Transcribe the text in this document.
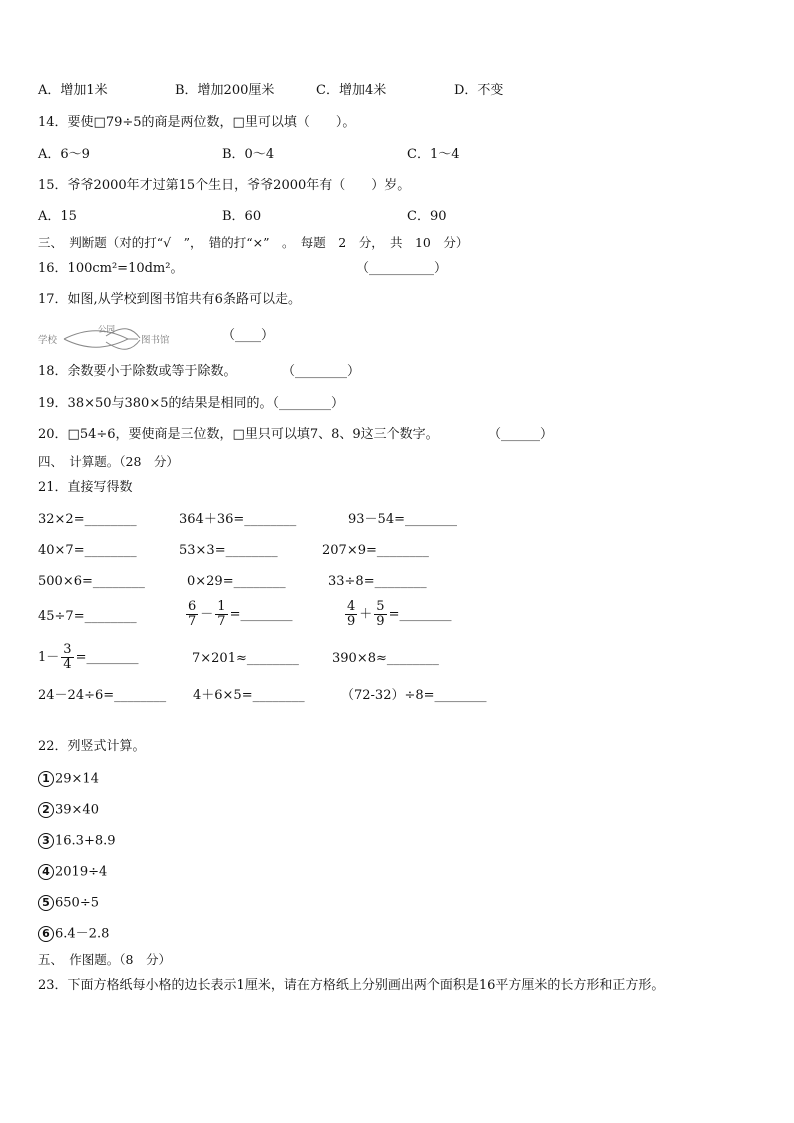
A．增加1米	B．增加200厘米	C．增加4米	D．不变
14．要使□79÷5的商是两位数，□里可以填（　　）。
A．6～9	B．0～4	C．1～4
15．爷爷2000年才过第15个生日，爷爷2000年有（　　）岁。
A．15	B．60	C．90
三、　判断题（对的打“√　”，　错的打“×”　。　每题　2　分，　共　10　分）
16．100cm²=10dm²。	（__________）
17．如图,从学校到图书馆共有6条路可以走。
学校
公园
图书馆	（____）
18．余数要小于除数或等于除数。	（________）
19．38×50与380×5的结果是相同的。（________）
20．□54÷6，要使商是三位数，□里只可以填7、8、9这三个数字。	（______）
四、　计算题。（28　分）
21．直接写得数
32×2=________	364＋36=________	93－54=________
40×7=________	53×3=________	207×9=________
500×6=________	0×29=________	33÷8=________
45÷7=________	$\frac{6}{7} - \frac{1}{7}$ =________	$\frac{4}{9} + \frac{5}{9}$ =________
$1- \frac{3}{4}$ =________	7×201≈________	390×8≈________
24－24÷6=________ 4＋6×5=________	（72-32）÷8=________
22．列竖式计算。
1 29×14
2 39×40
3 16.3+8.9
4 2019÷4
5 650÷5
6 6.4－2.8
五、　作图题。（8　分）
23．下面方格纸每小格的边长表示1厘米，请在方格纸上分别画出两个面积是16平方厘米的长方形和正方形。
